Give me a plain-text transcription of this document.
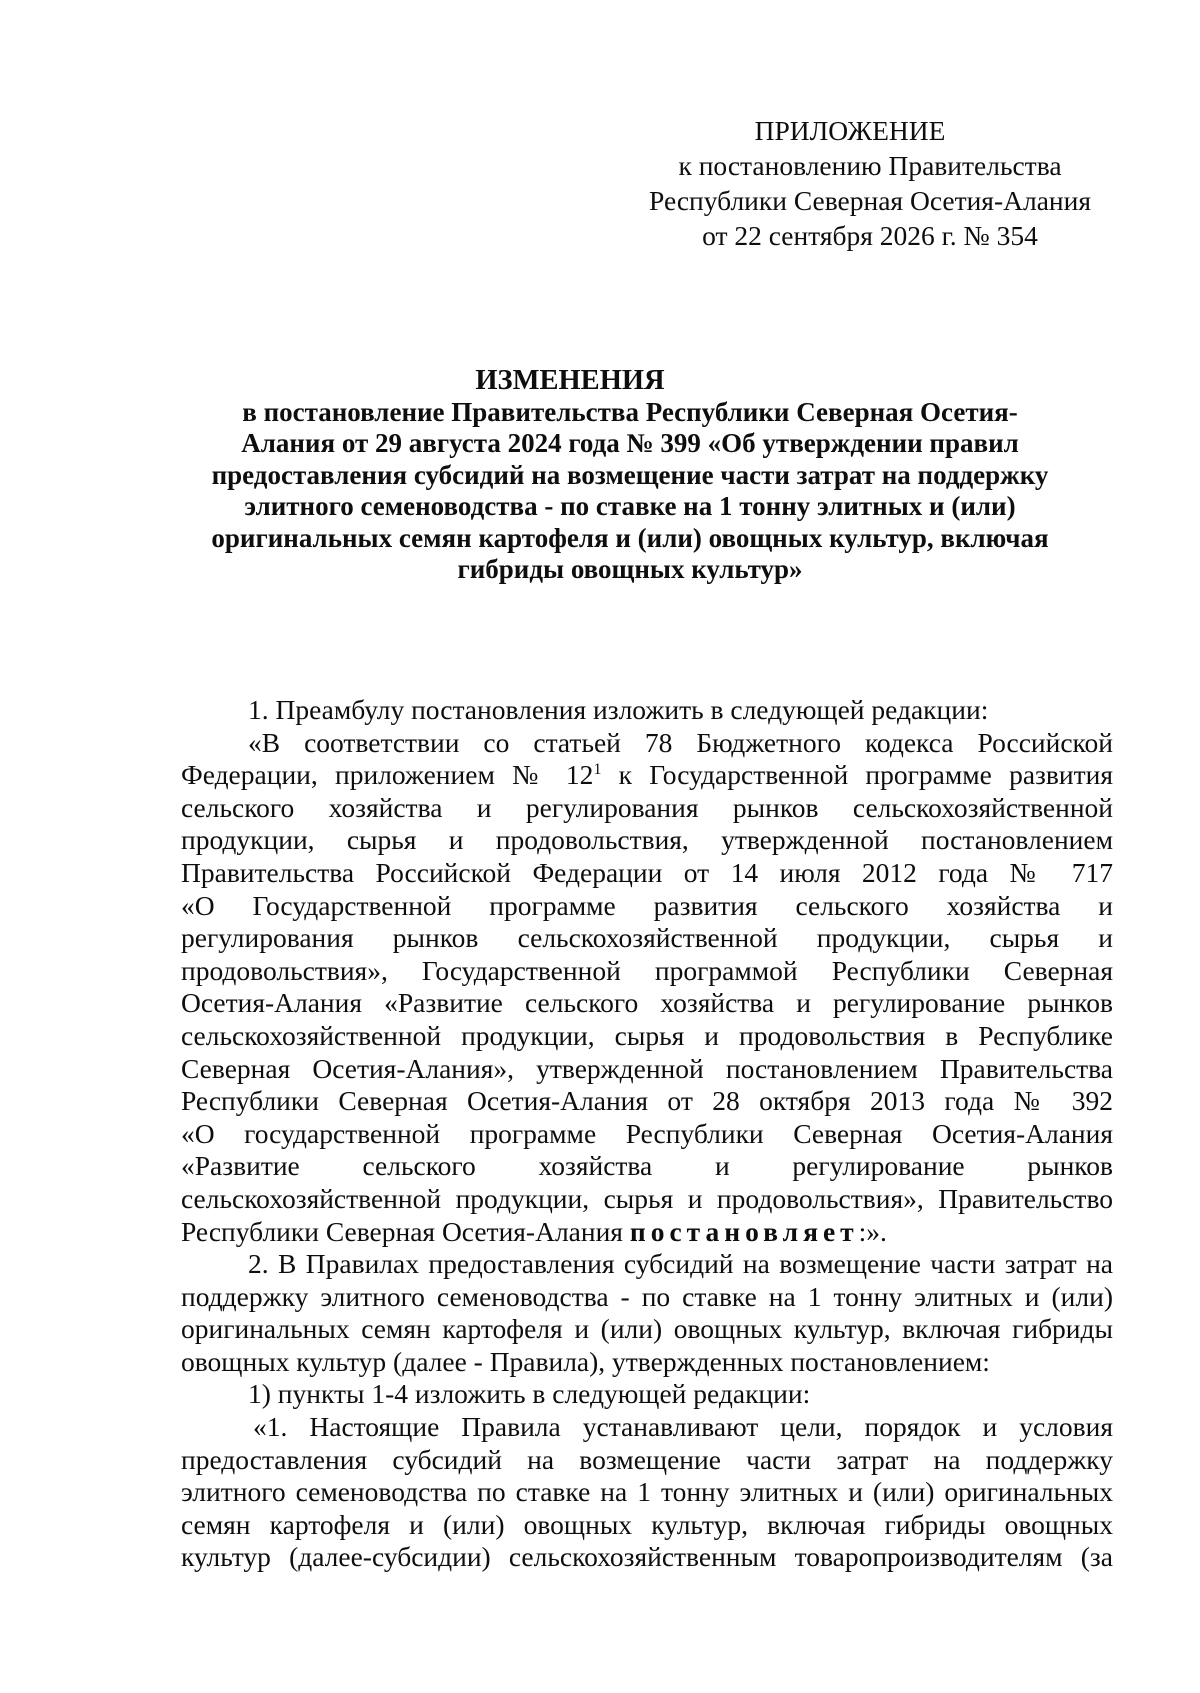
ПРИЛОЖЕНИЕ
к постановлению Правительства
Республики Северная Осетия-Алания
от 22 сентября 2026 г. № 354
ИЗМЕНЕНИЯ
в постановление Правительства Республики Северная Осетия-
Алания от 29 августа 2024 года № 399 «Об утверждении правил
предоставления субсидий на возмещение части затрат на поддержку
элитного семеноводства - по ставке на 1 тонну элитных и (или)
оригинальных семян картофеля и (или) овощных культур, включая
гибриды овощных культур»

1. Преамбулу постановления изложить в следующей редакции:

«В соответствии со статьей 78 Бюджетного кодекса Российской
Федерации, приложением № $12^1$ к Государственной программе развития
сельского хозяйства и регулирования рынков сельскохозяйственной
продукции, сырья и продовольствия, утвержденной постановлением
Правительства Российской Федерации от 14 июля 2012 года № 717
«О Государственной программе развития сельского хозяйства и
регулирования рынков сельскохозяйственной продукции, сырья и
продовольствия», Государственной программой Республики Северная
Осетия-Алания «Развитие сельского хозяйства и регулирование рынков
сельскохозяйственной продукции, сырья и продовольствия в Республике
Северная Осетия-Алания», утвержденной постановлением Правительства
Республики Северная Осетия-Алания от 28 октября 2013 года № 392
«О государственной программе Республики Северная Осетия-Алания
«Развитие сельского хозяйства и регулирование рынков
сельскохозяйственной продукции, сырья и продовольствия», Правительство
Республики Северная Осетия-Алания постановляет:».

2. В Правилах предоставления субсидий на возмещение части затрат на
поддержку элитного семеноводства - по ставке на 1 тонну элитных и (или)
оригинальных семян картофеля и (или) овощных культур, включая гибриды
овощных культур (далее - Правила), утвержденных постановлением:

1) пункты 1-4 изложить в следующей редакции:

«1. Настоящие Правила устанавливают цели, порядок и условия
предоставления субсидий на возмещение части затрат на поддержку
элитного семеноводства по ставке на 1 тонну элитных и (или) оригинальных
семян картофеля и (или) овощных культур, включая гибриды овощных
культур (далее-субсидии) сельскохозяйственным товаропроизводителям (за
